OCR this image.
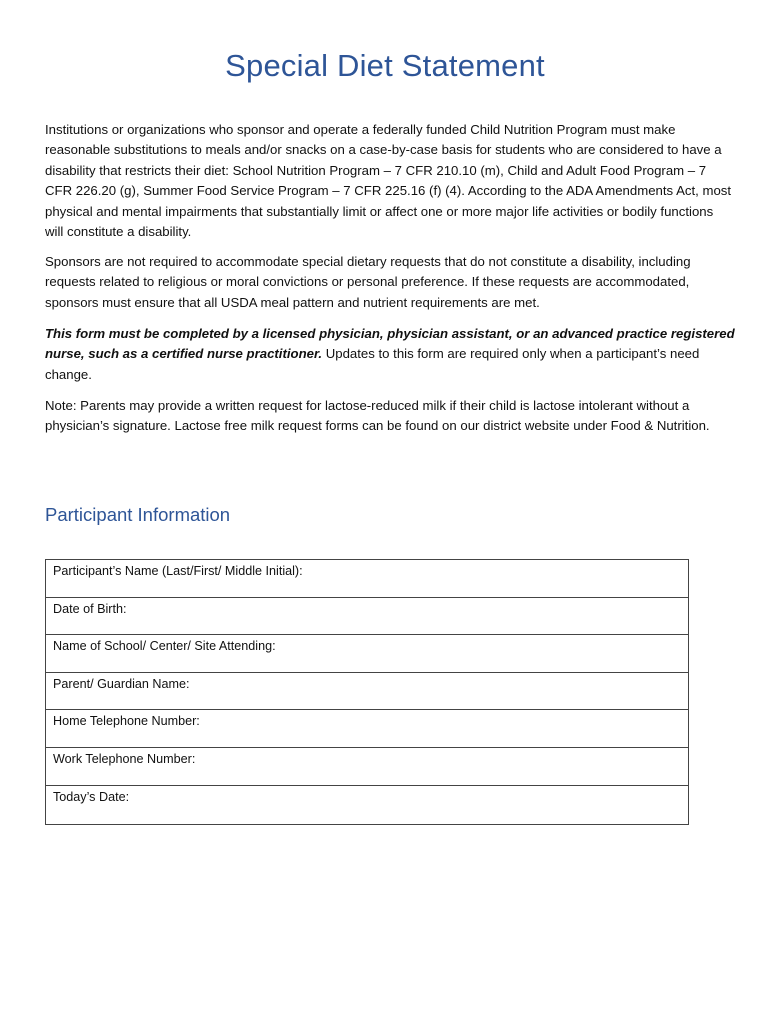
Special Diet Statement

Institutions or organizations who sponsor and operate a federally funded Child Nutrition Program must make reasonable substitutions to meals and/or snacks on a case-by-case basis for students who are considered to have a disability that restricts their diet: School Nutrition Program – 7 CFR 210.10 (m), Child and Adult Food Program – 7 CFR 226.20 (g), Summer Food Service Program – 7 CFR 225.16 (f) (4). According to the ADA Amendments Act, most physical and mental impairments that substantially limit or affect one or more major life activities or bodily functions will constitute a disability.

Sponsors are not required to accommodate special dietary requests that do not constitute a disability, including requests related to religious or moral convictions or personal preference. If these requests are accommodated, sponsors must ensure that all USDA meal pattern and nutrient requirements are met.

This form must be completed by a licensed physician, physician assistant, or an advanced practice registered nurse, such as a certified nurse practitioner. Updates to this form are required only when a participant’s need change.

Note: Parents may provide a written request for lactose-reduced milk if their child is lactose intolerant without a physician’s signature. Lactose free milk request forms can be found on our district website under Food & Nutrition.

Participant Information
Participant’s Name (Last/First/ Middle Initial):
Date of Birth:
Name of School/ Center/ Site Attending:
Parent/ Guardian Name:
Home Telephone Number:
Work Telephone Number:
Today’s Date:
